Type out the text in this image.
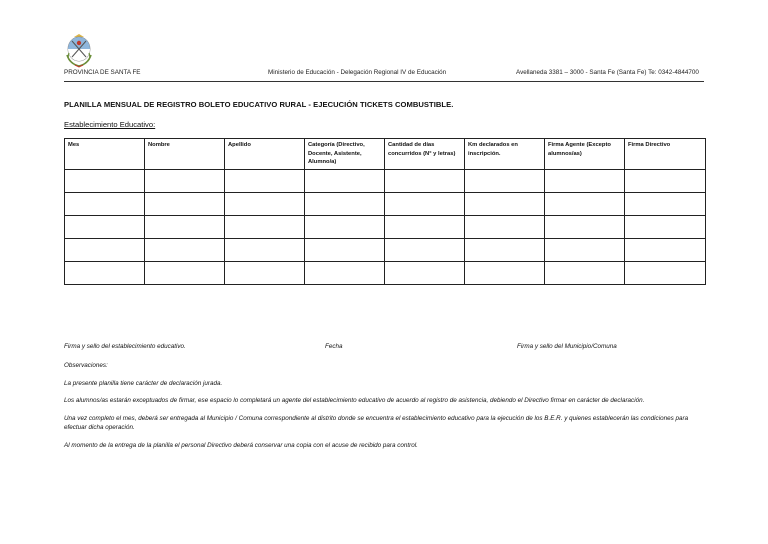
PROVINCIA DE SANTA FE	Ministerio de Educación - Delegación Regional IV de Educación	Avellaneda 3381 – 3000 - Santa Fe (Santa Fe) Te: 0342-4844700
PLANILLA MENSUAL DE REGISTRO BOLETO EDUCATIVO RURAL - EJECUCIÓN TICKETS COMBUSTIBLE.
Establecimiento Educativo:
Mes	Nombre	Apellido	Categoría (Directivo, Docente, Asistente, Alumno/a)	Cantidad de días concurridos (N° y letras)	Km declarados en inscripción.	Firma Agente (Excepto alumnos/as)	Firma Directivo

Firma y sello del establecimiento educativo.	Fecha	Firma y sello del Municipio/Comuna

Observaciones:

La presente planilla tiene carácter de declaración jurada.

Los alumnos/as estarán exceptuados de firmar, ese espacio lo completará un agente del establecimiento educativo de acuerdo al registro de asistencia, debiendo el Directivo firmar en carácter de declaración.

Una vez completo el mes, deberá ser entregada al Municipio / Comuna correspondiente al distrito donde se encuentra el establecimiento educativo para la ejecución de los B.E.R. y quienes establecerán las condiciones para efectuar dicha operación.

Al momento de la entrega de la planilla el personal Directivo deberá conservar una copia con el acuse de recibido para control.
